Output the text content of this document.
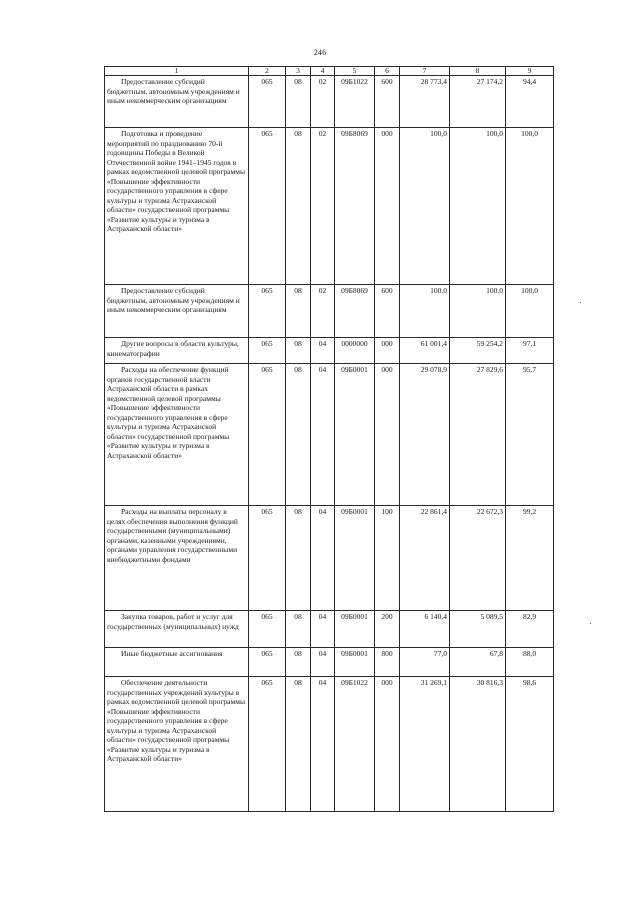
246
1	2	3	4	5	6	7	8	9

Предоставление субсидий бюджетным, автономным учреждениям и иным некоммерческим организациям	065	08	02	09Б1022	600	28 773,4	27 174,2	94,4

Подготовка и проведение мероприятий по празднованию 70-й годовщины Победы в Великой Отечественной войне 1941–1945 годов в рамках ведомственной целевой программы «Повышение эффективности государственного управления в сфере культуры и туризма Астраханской области» государственной программы «Развитие культуры и туризма в Астраханской области»	065	08	02	09Б8069	000	100,0	100,0	100,0

Предоставление субсидий бюджетным, автономным учреждениям и иным некоммерческим организациям	065	08	02	09Б8069	600	100,0	100,0	100,0

Другие вопросы в области культуры, кинематографии	065	08	04	0000000	000	61 001,4	59 254,2	97,1

Расходы на обеспечение функций органов государственной власти Астраханской области в рамках ведомственной целевой программы «Повышение эффективности государственного управления в сфере культуры и туризма Астраханской области» государственной программы «Развитие культуры и туризма в Астраханской области»	065	08	04	09Б0001	000	29 078,9	27 829,6	95,7

Расходы на выплаты персоналу в целях обеспечения выполнения функций государственными (муниципальными) органами, казенными учреждениями, органами управления государственными внебюджетными фондами	065	08	04	09Б0001	100	22 861,4	22 672,3	99,2

Закупка товаров, работ и услуг для государственных (муниципальных) нужд	065	08	04	09Б0001	200	6 140,4	5 089,5	82,9

Иные бюджетные ассигнования	065	08	04	09Б0001	800	77,0	67,8	88,0

Обеспечение деятельности государственных учреждений культуры в рамках ведомственной целевой программы «Повышение эффективности государственного управления в сфере культуры и туризма Астраханской области» государственной программы «Развитие культуры и туризма в Астраханской области»	065	08	04	09Б1022	000	31 269,1	30 816,3	98,6
